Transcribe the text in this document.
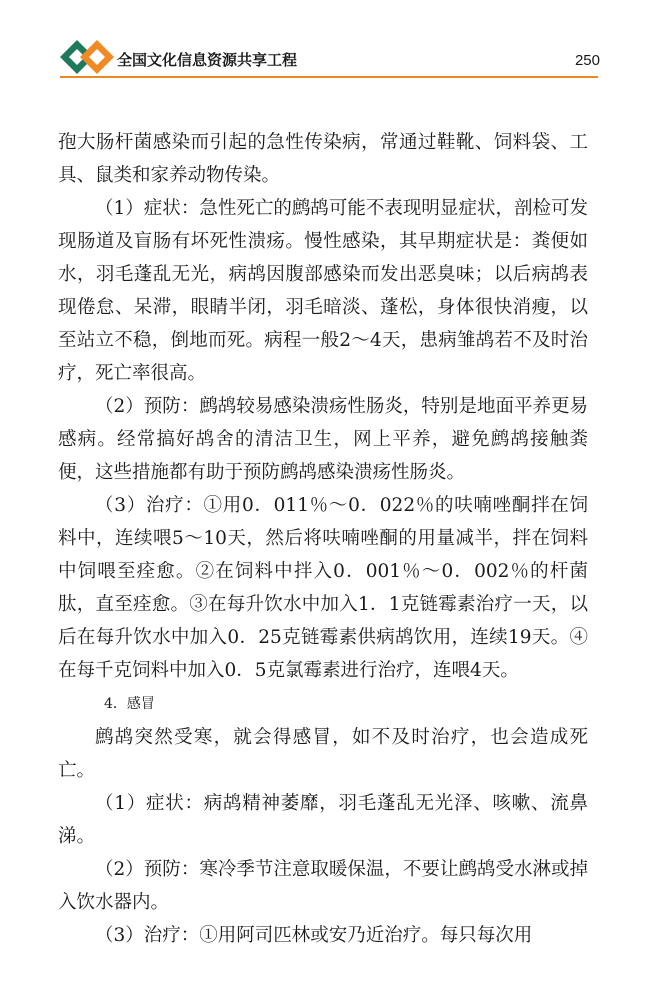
全国文化信息资源共享工程	250

孢大肠杆菌感染而引起的急性传染病，常通过鞋靴、饲料袋、工具、鼠类和家养动物传染。

（1）症状：急性死亡的鹧鸪可能不表现明显症状，剖检可发现肠道及盲肠有坏死性溃疡。慢性感染，其早期症状是：粪便如水，羽毛蓬乱无光，病鸪因腹部感染而发出恶臭味；以后病鸪表现倦怠、呆滞，眼睛半闭，羽毛暗淡、蓬松，身体很快消瘦，以至站立不稳，倒地而死。病程一般2～4天，患病雏鸪若不及时治疗，死亡率很高。

（2）预防：鹧鸪较易感染溃疡性肠炎，特别是地面平养更易感病。经常搞好鸪舍的清洁卫生，网上平养，避免鹧鸪接触粪便，这些措施都有助于预防鹧鸪感染溃疡性肠炎。

（3）治疗：①用0．011％～0．022％的呋喃唑酮拌在饲料中，连续喂5～10天，然后将呋喃唑酮的用量减半，拌在饲料中饲喂至痊愈。②在饲料中拌入0．001％～0．002％的杆菌肽，直至痊愈。③在每升饮水中加入1．1克链霉素治疗一天，以后在每升饮水中加入0．25克链霉素供病鸪饮用，连续19天。④在每千克饲料中加入0．5克氯霉素进行治疗，连喂4天。

4．感冒

鹧鸪突然受寒，就会得感冒，如不及时治疗，也会造成死亡。

（1）症状：病鸪精神萎靡，羽毛蓬乱无光泽、咳嗽、流鼻涕。

（2）预防：寒冷季节注意取暖保温，不要让鹧鸪受水淋或掉入饮水器内。

（3）治疗：①用阿司匹林或安乃近治疗。每只每次用
